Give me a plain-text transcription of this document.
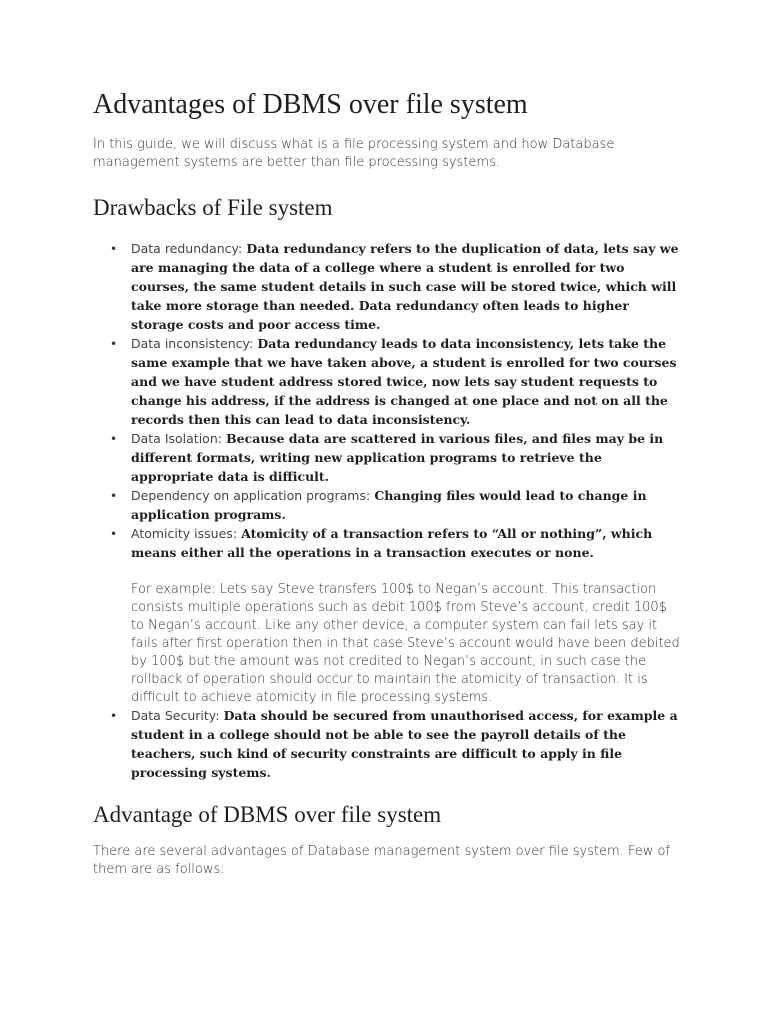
Advantages of DBMS over file system

In this guide, we will discuss what is a file processing system and how Database management systems are better than file processing systems.

Drawbacks of File system
• Data redundancy: Data redundancy refers to the duplication of data, lets say we are managing the data of a college where a student is enrolled for two courses, the same student details in such case will be stored twice, which will take more storage than needed. Data redundancy often leads to higher storage costs and poor access time.
• Data inconsistency: Data redundancy leads to data inconsistency, lets take the same example that we have taken above, a student is enrolled for two courses and we have student address stored twice, now lets say student requests to change his address, if the address is changed at one place and not on all the records then this can lead to data inconsistency.
• Data Isolation: Because data are scattered in various files, and files may be in different formats, writing new application programs to retrieve the appropriate data is difficult.
• Dependency on application programs: Changing files would lead to change in application programs.
• Atomicity issues: Atomicity of a transaction refers to “All or nothing”, which means either all the operations in a transaction executes or none.

For example: Lets say Steve transfers 100$ to Negan’s account. This transaction consists multiple operations such as debit 100$ from Steve’s account, credit 100$ to Negan’s account. Like any other device, a computer system can fail lets say it fails after first operation then in that case Steve’s account would have been debited by 100$ but the amount was not credited to Negan’s account, in such case the rollback of operation should occur to maintain the atomicity of transaction. It is difficult to achieve atomicity in file processing systems.

• Data Security: Data should be secured from unauthorised access, for example a student in a college should not be able to see the payroll details of the teachers, such kind of security constraints are difficult to apply in file processing systems.
Advantage of DBMS over file system

There are several advantages of Database management system over file system. Few of them are as follows:
